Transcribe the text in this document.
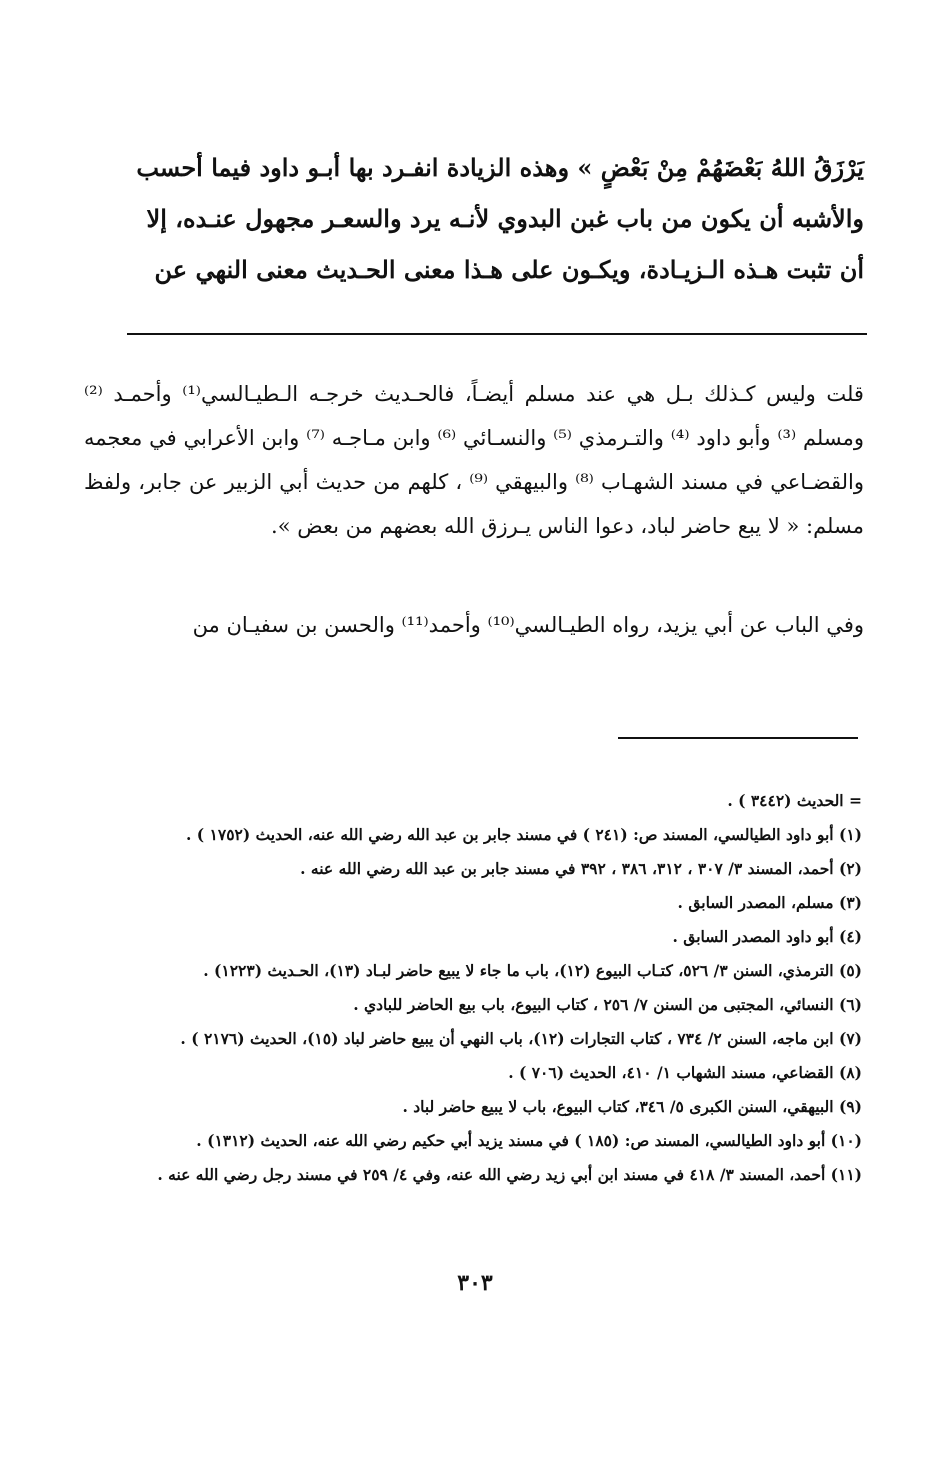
يَرْزَقُ اللهُ بَعْضَهُمْ مِنْ بَعْضٍ » وهذه الزيادة انفـرد بها أبـو داود فيما أحسب
والأشبه أن يكون من باب غبن البدوي لأنـه يرد والسعـر مجهول عنـده، إلا
أن تثبت هـذه الـزيـادة، ويكـون على هـذا معنى الحـديث معنى النهي عن
قلت وليس كـذلك بـل هي عند مسلم أيضـاً، فالحـديث خرجـه الـطيـالسي⁽¹⁾ وأحمـد ⁽²⁾ ومسلم ⁽³⁾ وأبو داود ⁽⁴⁾ والتـرمذي ⁽⁵⁾ والنسـائي ⁽⁶⁾ وابن مـاجـه ⁽⁷⁾ وابن الأعرابي في معجمه والقضـاعي في مسند الشهـاب ⁽⁸⁾ والبيهقي ⁽⁹⁾ ، كلهم من حديث أبي الزبير عن جابر، ولفظ مسلم: « لا يبع حاضر لباد، دعوا الناس يـرزق الله بعضهم من بعض ».
وفي الباب عن أبي يزيد، رواه الطيـالسي⁽¹⁰⁾ وأحمد⁽¹¹⁾ والحسن بن سفيـان من
= الحديث (٣٤٤٢ ) .
(١) أبو داود الطيالسي، المسند ص: (٢٤١ ) في مسند جابر بن عبد الله رضي الله عنه، الحديث (١٧٥٢ ) .
(٢) أحمد، المسند ٣/ ٣٠٧ ، ٣١٢، ٣٨٦ ، ٣٩٢ في مسند جابر بن عبد الله رضي الله عنه .
(٣) مسلم، المصدر السابق .
(٤) أبو داود المصدر السابق .
(٥) الترمذي، السنن ٣/ ٥٢٦، كتـاب البيوع (١٢)، باب ما جاء لا يبيع حاضر لبـاد (١٣)، الحـديث (١٢٢٣) .
(٦) النسائي، المجتبى من السنن ٧/ ٢٥٦ ، كتاب البيوع، باب بيع الحاضر للبادي .
(٧) ابن ماجه، السنن ٢/ ٧٣٤ ، كتاب التجارات (١٢)، باب النهي أن يبيع حاضر لباد (١٥)، الحديث (٢١٧٦ ) .
(٨) القضاعي، مسند الشهاب ١/ ٤١٠، الحديث (٧٠٦ ) .
(٩) البيهقي، السنن الكبرى ٥/ ٣٤٦، كتاب البيوع، باب لا يبيع حاضر لباد .
(١٠) أبو داود الطيالسي، المسند ص: (١٨٥ ) في مسند يزيد أبي حكيم رضي الله عنه، الحديث (١٣١٢) .
(١١) أحمد، المسند ٣/ ٤١٨ في مسند ابن أبي زيد رضي الله عنه، وفي ٤/ ٢٥٩ في مسند رجل رضي الله عنه .
٣٠٣
